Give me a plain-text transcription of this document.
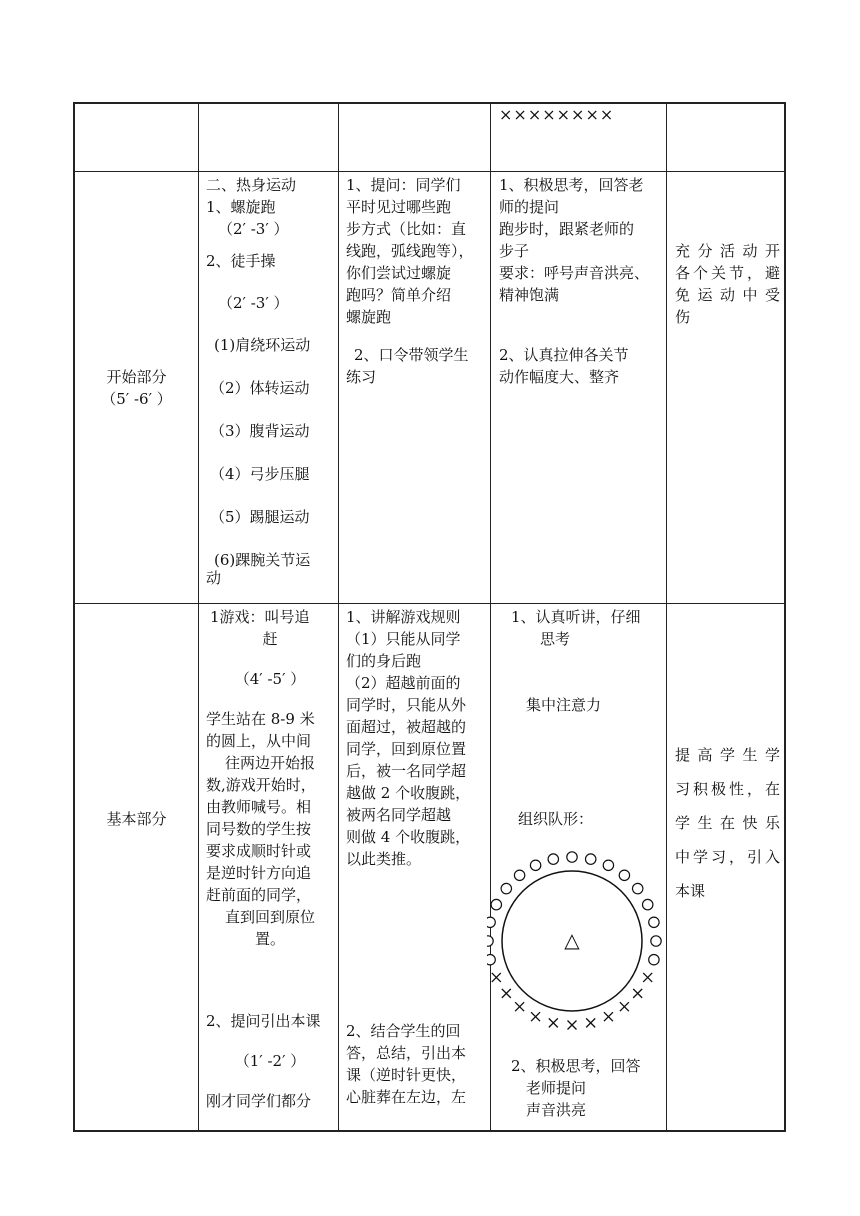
××××××××
开始部分
（5′ -6′ ）
二、热身运动
1、螺旋跑
（2′ -3′ ）
2、徒手操
（2′ -3′ ）
(1)肩绕环运动
（2）体转运动
（3）腹背运动
（4）弓步压腿
（5）踢腿运动
(6)踝腕关节运
动
1、提问：同学们
平时见过哪些跑
步方式（比如：直
线跑，弧线跑等），
你们尝试过螺旋
跑吗？简单介绍
螺旋跑
2、口令带领学生
练习
1、积极思考，回答老
师的提问
跑步时，跟紧老师的
步子
要求：呼号声音洪亮、
精神饱满
2、认真拉伸各关节
动作幅度大、整齐
充分活动开
各个关节，避
免运动中受
伤
基本部分
1游戏：叫号追
赶
（4′ -5′ ）
学生站在 8-9 米
的圆上，从中间
往两边开始报
数,游戏开始时，
由教师喊号。相
同号数的学生按
要求成顺时针或
是逆时针方向追
赶前面的同学，
直到回到原位
置。
2、提问引出本课
（1′ -2′ ）
刚才同学们都分
1、讲解游戏规则
（1）只能从同学
们的身后跑
（2）超越前面的
同学时，只能从外
面超过，被超越的
同学，回到原位置
后，被一名同学超
越做 2 个收腹跳，
被两名同学超越
则做 4 个收腹跳，
以此类推。
2、结合学生的回
答，总结，引出本
课（逆时针更快，
心脏葬在左边，左
1、认真听讲，仔细
思考
集中注意力
组织队形：
△
2、积极思考，回答
老师提问
声音洪亮
提高学生学
习积极性，在
学生在快乐
中学习，引入
本课
